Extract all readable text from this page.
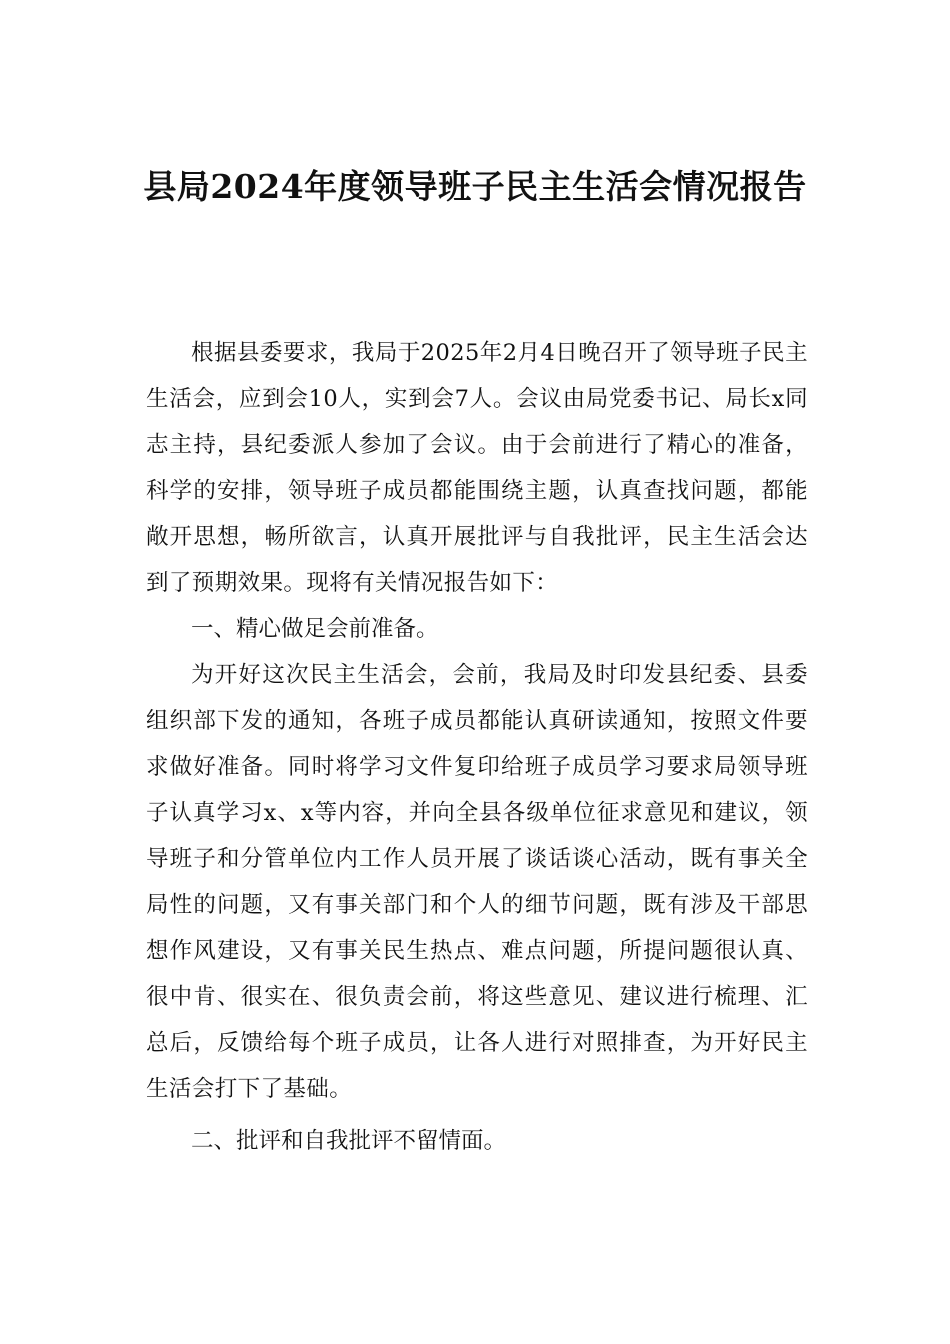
县局2024年度领导班子民主生活会情况报告

根据县委要求，我局于2025年2月4日晚召开了领导班子民主生活会，应到会10人，实到会7人。会议由局党委书记、局长x同志主持，县纪委派人参加了会议。由于会前进行了精心的准备，科学的安排，领导班子成员都能围绕主题，认真查找问题，都能敞开思想，畅所欲言，认真开展批评与自我批评，民主生活会达到了预期效果。现将有关情况报告如下：

一、精心做足会前准备。

为开好这次民主生活会，会前，我局及时印发县纪委、县委组织部下发的通知，各班子成员都能认真研读通知，按照文件要求做好准备。同时将学习文件复印给班子成员学习要求局领导班子认真学习x、x等内容，并向全县各级单位征求意见和建议，领导班子和分管单位内工作人员开展了谈话谈心活动，既有事关全局性的问题，又有事关部门和个人的细节问题，既有涉及干部思想作风建设，又有事关民生热点、难点问题，所提问题很认真、很中肯、很实在、很负责会前，将这些意见、建议进行梳理、汇总后，反馈给每个班子成员，让各人进行对照排查，为开好民主生活会打下了基础。

二、批评和自我批评不留情面。
